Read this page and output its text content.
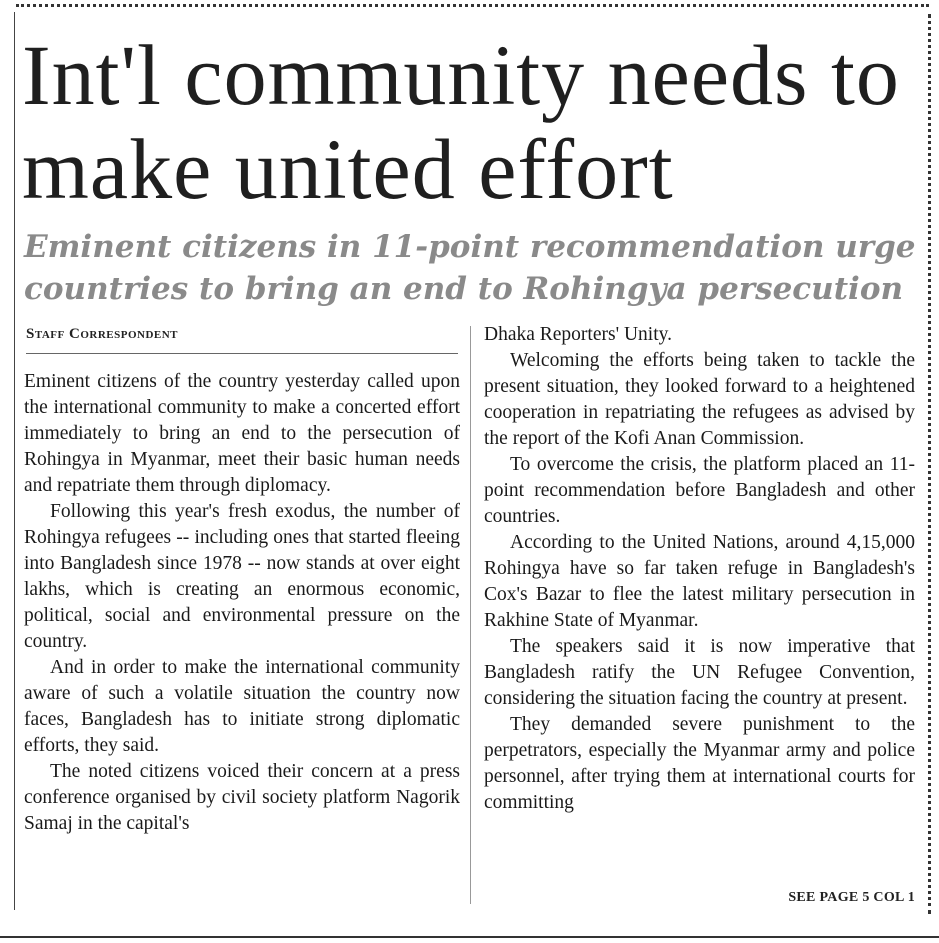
Int'l community needs to make united effort
Eminent citizens in 11-point recommendation urge countries to bring an end to Rohingya persecution
Staff Correspondent

Eminent citizens of the country yesterday called upon the international community to make a concerted effort immediately to bring an end to the persecution of Rohingya in Myanmar, meet their basic human needs and repatriate them through diplomacy.

Following this year's fresh exodus, the number of Rohingya refugees -- including ones that started fleeing into Bangladesh since 1978 -- now stands at over eight lakhs, which is creating an enormous economic, political, social and environmental pressure on the country.

And in order to make the international community aware of such a volatile situation the country now faces, Bangladesh has to initiate strong diplomatic efforts, they said.

The noted citizens voiced their concern at a press conference organised by civil society platform Nagorik Samaj in the capital's

Dhaka Reporters' Unity.

Welcoming the efforts being taken to tackle the present situation, they looked forward to a heightened cooperation in repatriating the refugees as advised by the report of the Kofi Anan Commission.

To overcome the crisis, the platform placed an 11-point recommendation before Bangladesh and other countries.

According to the United Nations, around 4,15,000 Rohingya have so far taken refuge in Bangladesh's Cox's Bazar to flee the latest military persecution in Rakhine State of Myanmar.

The speakers said it is now imperative that Bangladesh ratify the UN Refugee Convention, considering the situation facing the country at present.

They demanded severe punishment to the perpetrators, especially the Myanmar army and police personnel, after trying them at international courts for committing

SEE PAGE 5 COL 1
